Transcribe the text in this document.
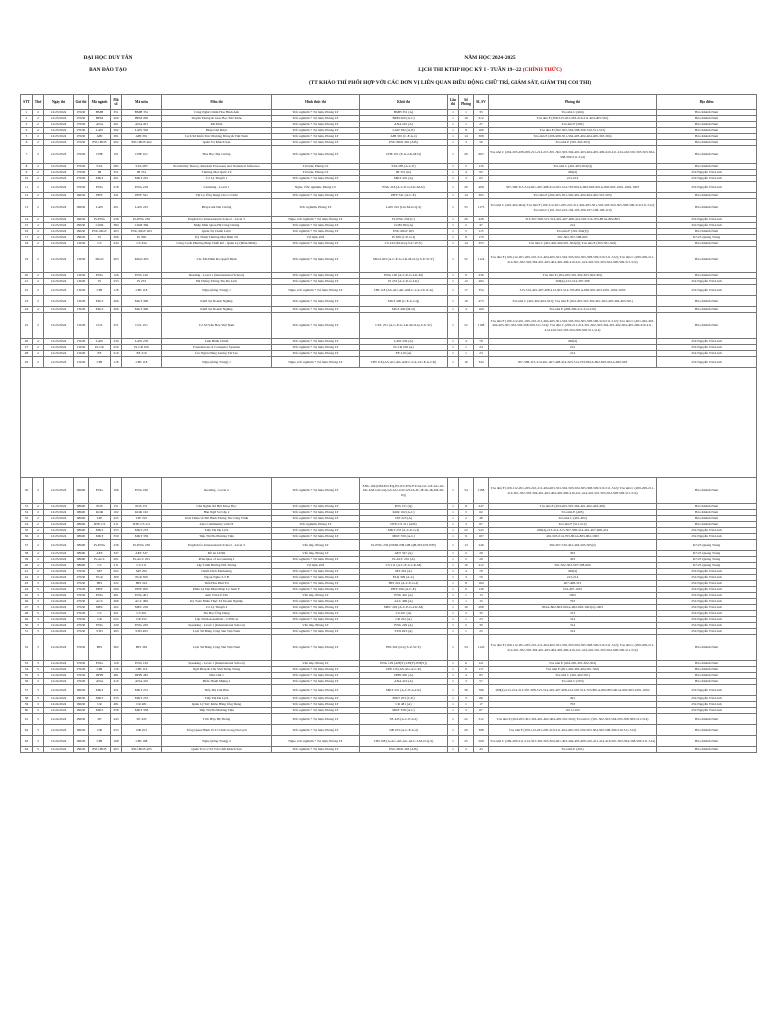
ĐẠI HỌC DUY TÂN
BAN ĐÀO TẠO
NĂM HỌC 2024-2025
LỊCH THI KTHP HỌC KỲ I - TUẦN 19--22 (CHÍNH THỨC)
(TT KHẢO THÍ PHỐI HỢP VỚI CÁC ĐƠN VỊ LIÊN QUAN ĐIỀU ĐỘNG CHỮ TRÍ, GIÁM SÁT, GIÁM THỊ COI THI)
STT	Thứ	Ngày thi	Giờ thi	Mã ngành	Mã số	Mã môn	Môn thi	Hình thức thi	Khối thi	Lần thi	Số Phòng	SL SV	Phòng thi	Địa điểm
1	2	12/23/2024	07h30	BMH	351	BMH 351	Công Nghệ Chăm Hoa Hinh Anh	Trắc nghiệm + Tự luận, Phòng LT	BMH 351 (A)	1	1	35	Tòa nhà C (404)	Hòa Khánh Nam
2	2	12/23/2024	07h30	BPM	200	BPM 200	Truyền Thông & Giao Bọc Sức Khỏe	Trắc nghiệm + Tự luận, Phòng LT	BPM 200 (A-C)	1	10	212	Tòa nhà F (308-313-201-203-210-211-404-405-501)	Hòa Khánh Nam
3	2	12/23/2024	07h30	ANA	201	ANA 201	Mô Phôi	Trắc nghiệm + Tự luận, Phòng LT	ANA 201 (A)	1	1	27	Tòa nhà F (505)	Hòa Khánh Nam
4	2	12/23/2024	07h30	LAW	392	LAW 392	Pháp Chế Dược	Trắc nghiệm + Tự luận, Phòng LT	LAW 392 (A-E)	1	8	169	Tòa nhà E (502-505-504-508-509-510-511-512)	Hòa Khánh Nam
5	2	12/23/2024	07h30	AHI	391	AHI 391	Lịch Sử Kiến Trúc Phương Đông & Việt Nam	Trắc nghiệm + Tự luận, Phòng LT	AHI 391 (C-E-G-I)	1	14	308	Tòa nhà E (206-209-301-304-403-402-404-405-303-304)	Hòa Khánh Nam
6	2	12/23/2024	07h30	PSU-HOS	402	PSU-HOS 402	Quản Trị Khách Sạn	Trắc nghiệm + Tự luận, Phòng LT	PSU-HOS 402 (AIS)	1	3	59	Tòa nhà E (301-302-303)	Hòa Khánh Nam
7	2	12/23/2024	07h30	CHE	101	CHE 101	Hóa Học Đại Cương	Trắc nghiệm + Tự luận, Phòng LT	CHE 101 (E-G-I-K-M-O)	1	29	605	Tòa nhà C (204-205-208-209-211-214-215-301-302-303-304-401-403-404-405-409-410-411-414-416-501-503-503-504-508-509-511-514)	Hòa Khánh Nam
8	2	12/23/2024	07h30	STA	285	STA 285	Probability Theory, Random Processes and Statistical Inference	Tự luận, Phòng LT	STA 285 (A-C-E)	1	5	116	Tòa nhà C (401-403-304(3))	Hòa Khánh Nam
9	2	12/23/2024	07h30	IB	351	IB 351	Thương Mại Quốc Tế	Tự luận, Phòng LT	IB 351 (K)	1	4	95	206(4)	254 Nguyễn Văn Linh
10	2	12/23/2024	07h30	MKT	201	MKT 201	Cơ Lý Thuyết 1	Trắc nghiệm + Tự luận, Phòng LT	MKT 201 (A)	1	3	63	213-214	254 Nguyễn Văn Linh
11	2	12/23/2024	07h30	ENG	218	ENG 218	Listening - Level 1	Nghe, Trắc nghiệm, Phòng LT	ENG 218 (A-C-E-G-I-K-M-O)	1	20	408	307-308-315-314-401-407-408-414-503-514-703-801A-802-803-901A-902-903-1001-1002-1003	254 Nguyễn Văn Linh
12	2	12/23/2024	09h30	PHY	341	PHY 341	Vật Lý Ứng Dụng Cho Cơ Khí	Trắc nghiệm + Tự luận, Phòng LT	PHY 341 (A-C-E)	1	14	302	Tòa nhà E (204-205-301-302-401-402-404-405-501-503)	Hòa Khánh Nam
13	2	12/23/2024	09h30	LAW	201	LAW 201	Pháp Luật Đại Cương	Trắc nghiệm, Phòng LT	LAW 201 (I-K-M-O-Q-S)	1	55	1173	Tòa nhà C (401-402-404); Tòa nhà F (109-112-201-205-210-211-404-405-501-502-503-504-505-508-509-510-511-512); Tòa nhà C (101-102-103-104-105-106-107-108-109-110)	Hòa Khánh Nam
14	2	12/23/2024	09h30	IS-ENG	236	IS-ENG 236	English for International School - Level 3	Nghe, trắc nghiệm + Tự luận, Phòng LT	IS-ENG 236 (C)	1	20	428	313-307-308-315-314-401-407-408-414-503-514-703-801A-802-803	254 Nguyễn Văn Linh
15	2	12/23/2024	09h30	COM	384	COM 384	Nhập Môn Quan Hệ Công Chúng	Trắc nghiệm + Tự luận, Phòng LT	COM 384 (A)	1	2	47	214	254 Nguyễn Văn Linh
16	2	12/23/2024	09h30	PSU-MGT	403	PSU-MGT 403	Quản Trị Chiến Lược	Trắc nghiệm + Tự luận, Phòng LT	PSU-MGT 403	1	5	115	Tòa nhà F (301-304(3))	Hòa Khánh Nam
17	2	12/23/2024	09h30	IS	306	IS 306	Kỹ Thuật Thương Mại Điện Tử	Tự luận, PM	IS 306 (C-E-G-I)	1	8	170	501-502-507-508-603	K7/25 Quang Trung
18	2	12/23/2024	13h30	CS	434	CS 434	Công Cụ & Phương Pháp Thiết Kế - Quản Lý (Phần Mềm)	Trắc nghiệm + Tự luận, Phòng LT	CS 434 (M-O-Q-S-U-W-Y)	1	14	353	Tòa nhà C (401-402-404-501-504(2)); Tòa nhà E (305-501-504)	Hòa Khánh Nam
19	2	12/23/2024	13h30	MGO	403	MGO 403	Các Mô Hình Ra Quyết Định	Trắc nghiệm + Tự luận, Phòng LT	MGO 403 (A-C-E-G-I-K-M-O-Q-S-U-W-Y)	1	52	1124	Tòa nhà F (109-112-201-205-210-211-404-405-501-502-503-504-505-508-509-510-511-512); Tòa nhà C (209-209-211-214-301-302-303-304-401-403-404-405-409-410-411-414-416-501-503-504-508-509-511-514)	Hòa Khánh Nam
20	2	12/23/2024	13h30	ENG	126	ENG 126	Reading - Level 1 (International School)	Trắc nghiệm + Tự luận, Phòng LT	ENG 126 (A-C-E-G-I-K-M)	1	9	239	Tòa nhà E (204-205-301-302-303-304-305)	Hòa Khánh Nam
21	2	12/23/2024	13h30	IS	253	IS 253	Hệ Thống Thông Tin Du Lịch	Trắc nghiệm + Tự luận, Phòng LT	IS 253 (A-C-E-G-I-K)	1	12	294	208(4)-213-314-307-308	254 Nguyễn Văn Linh
22	2	12/23/2024	13h30	CHI	118	CHI 118	Nghe (tiếng Trung) 1	Nghe, trắc nghiệm + Tự luận, Phòng LT	CHI 118 (AS-AU-AK-AM-C-CA-CU-E-G)	1	17	354	313-314-401-407-408-414-503-514-703-801A-802-901-903-1001-1002-1003	254 Nguyễn Văn Linh
23	2	12/23/2024	13h30	MGT	406	MGT 406	Khởi Sự Doanh Nghiệp	Trắc nghiệm + Tự luận, Phòng LT	MGT 406 (C-E-G-I-Q)	1	19	473	Tòa nhà C (401-402-404-501); Tòa nhà E (204-205-301-302-401-402-403-404-405-501)	Hòa Khánh Nam
24	2	12/23/2024	13h30	MGT	406	MGT 406	Khởi Sự Doanh Nghiệp	Trắc nghiệm + Tự luận, Phòng LT	MGT 406 (M-O)	1	4	100	Tòa nhà E (208-209-211-214-216)	Hòa Khánh Nam
25	2	12/23/2024	15h30	CUL	251	CUL 251	Cơ Sở Văn Hóa Việt Nam	Trắc nghiệm + Tự luận, Phòng LT	CUL 251 (A-C-E-G-I-K-M-O-Q-S-U-W)	1	52	1108	Tòa nhà F (109-112-201-205-210-211-404-405-501-502-503-504-505-508-509-510-511-512); Tòa nhà C (401-402-403-404-405-501-503-504-508-509-511-514); Tòa nhà C (209-211-214-301-302-303-304-401-402-404-405-409-410-411-414-416-501-503-504-508-509-511-514)	Hòa Khánh Nam
26	2	12/23/2024	15h30	LAW	230	LAW 230	Luật Hành Chính	Trắc nghiệm + Tự luận, Phòng LT	LAW 230 (A)	1	4	79	206(4)	254 Nguyễn Văn Linh
27	2	12/23/2024	15h30	IS-CR	250	IS-CR 250	Foundations of Computer Systems	Trắc nghiệm + Tự luận, Phòng LT	IS-CR 250 (A)	1	1	24	212	254 Nguyễn Văn Linh
28	2	12/23/2024	15h30	EE	219	EE 219	Các Ngôn Năng Lượng Tái Tạo	Trắc nghiệm + Tự luận, Phòng LT	EE 219 (A)	1	1	23	214	254 Nguyễn Văn Linh
29	2	12/23/2024	15h30	CHI	118	CHI 118	Nghe (tiếng Trung) 1	Nghe, trắc nghiệm + Tự luận, Phòng LT	CHI 118 (AS-AU-AK-AM-C-CA-CU-E-G-I-K)	1	16	344	307-308-315-314-401-407-408-414-503-514-703-801A-802-803-901A-902-903	254 Nguyễn Văn Linh

30	2	12/23/2024	09h00	ENG	166	ENG 166	Reading - Level 2	Trắc nghiệm + Tự luận, Phòng LT	ENG 166 (DM-EO-EQ-ES-EU-EW-EY-IA-GC-GE-GG-GI-GK-GM-GO-GQ-GS-GU-GW-GY-IA-IC-IE-IG-IK-IM-IO-IQ)	1	54	1168	Tòa nhà F (109-112-201-205-210-211-404-405-501-502-503-504-505-508-509-510-511-512); Tòa nhà C (209-209-211-214-301-302-303-304-401-403-404-405-409-410-411-414-416-501-503-504-508-509-511-514)	Hòa Khánh Nam
31	2	12/23/2024	08h00	POS	151	POS 151	Chủ Nghĩa Xã Hội Khoa Học	Trắc nghiệm + Tự luận, Phòng LT	POS 151 (Q)	1	11	247	Tòa nhà E (204-205-301-304-401-402-404-405)	Hòa Khánh Nam
32	2	12/23/2024	08h00	KOR	102	KOR 102	Hàn Ngữ Sơ Cấp 2	Trắc nghiệm + Tự luận, Phòng LT	KOR 102 (A-C)	1	3	62	Tòa nhà E (403)	Hòa Khánh Nam
33	2	12/23/2024	08h00	CIE	225	CIE 225	Giới Thiệu về Mô Hình Thông Tin Công Trình	Trắc nghiệm + Tự luận, Phòng LT	CIE 225 (A)	1	2	48	Tòa nhà C (401-402)	Hòa Khánh Nam
34	2	12/23/2024	08h00	DTE-CS	211	DTE-CS 211	Asia Community with IT	Trắc nghiệm, Phòng LT	DTE-CS 211 (AIS)	1	3	67	Tòa nhà F (511-512)	Hòa Khánh Nam
35	2	12/23/2024	08h00	MKT	253	MKT 253	Tiếp Thị Du Lịch	Trắc nghiệm + Tự luận, Phòng LT	MKT 253 (A-C-E-G-I)	1	22	543	208(4)-213-214-313-307-308-314-401-407-408-414	254 Nguyễn Văn Linh
36	2	12/23/2024	08h00	MKT	359	MKT 359	Tiếp Thị Đa Phương Tiện	Trắc nghiệm + Tự luận, Phòng LT	MKT 359 (A-C)	1	9	167	401-503-514-703-801A-803-902-1003	254 Nguyễn Văn Linh
37	2	12/23/2024	08h00	IS-ENG	236	IS-ENG 236	English for International School - Level 3	Vấn đáp, Phòng LT	IS-ENG 236 (NMD-NH-OH-QH-SH-UH-WH)	1	13	249	304-307-310-401-404-503-505(2)	K7/25 Quang Trung
38	2	12/23/2024	08h00	AET	347	AET 347	Đồ án CDIO	Vấn đáp, Phòng LT	AET 347 (A)	1	2	29	303	K7/25 Quang Trung
39	2	12/23/2024	08h00	IS-ACC	201	IS-ACC 201	Principles of Accounting I	Trắc nghiệm + Tự luận, Phòng LT	IS-ACC 201 (A)	1	2	29	303	K7/25 Quang Trung
40	2	12/23/2024	08h00	CS	211	CS 211	Lập Trình Hướng Đối Tượng	Tự luận, PM	CS 211 (A-C-E-G-I-K-M)	1	10	212	501-502-503-507-508-609	K7/25 Quang Trung
41	2	12/24/2024	07h30	MT	202	MT 202	Chiến Dịch Marketing	Trắc nghiệm + Tự luận, Phòng LT	MT 202 (A)	1	4	79	206(4)	254 Nguyễn Văn Linh
42	2	12/24/2024	07h30	ELR	309	ELR 309	Ngoại Nghe 2.3 B	Trắc nghiệm + Tự luận, Phòng LT	ELR 309 (A-C)	1	3	70	213-214	254 Nguyễn Văn Linh
43	3	12/24/2024	07h30	HIS	222	HIS 222	Tiến Hóa Phát Trí	Trắc nghiệm + Tự luận, Phòng LT	HIS 222 (A-C-E-G-I)	1	8	164	407-408-313	254 Nguyễn Văn Linh
44	3	12/24/2024	07h30	PHY	209	PHY 209	Phân Lý Đại Điện Pháp Lý Sinh Y	Trắc nghiệm + Tự luận, Phòng LT	PHY 209 (A-C-E)	1	6	130	314-407-1001	254 Nguyễn Văn Linh
45	3	12/24/2024	07h30	ENG	401	ENG 401	Anh Văn Lễ Tân	Vấn đáp, Phòng LT	ENG 401 (A)	1	1	13	1002	254 Nguyễn Văn Linh
46	3	12/24/2024	07h30	ACC	499	ACC 499	Kỹ Toán Nhân Thực Tế Doanh Nghiệp	Trắc nghiệm + Tự luận, Phòng LT	ACC 499 (A)	1	1	15	703	254 Nguyễn Văn Linh
47	3	12/24/2024	07h30	MEC	202	MEC 202	Cơ Lý Thuyết 2	Trắc nghiệm + Tự luận, Phòng LT	MEC 202 (A-C-E-G-I-K-M)	1	10	208	801A-802-803-901A-902-903-1001(2)-1003	254 Nguyễn Văn Linh
48	3	12/24/2024	07h30	CS	201	CS 201	Tin Học Ứng Dụng	Trắc nghiệm + Tự luận, Phòng LT	CS 201 (A)	1	2	35	313	254 Nguyễn Văn Linh
49	3	12/24/2024	07h30	CR	252	CR 252	Lập Trình Assembler / CISSCA	Trắc nghiệm + Tự luận, Phòng LT	CR 252 (A)	1	1	23	314	254 Nguyễn Văn Linh
50	3	12/24/2024	07h30	ENG	229	ENG 229	Speaking - Level 1 (International School)	Vấn đáp, Phòng LT	ENG 229 (A)	1	2	30	314	254 Nguyễn Văn Linh
51	3	12/24/2024	07h30	STD	493	STD 493	Lịch Sử Đảng Cộng Sản Việt Nam	Trắc nghiệm + Tự luận, Phòng LT	STD 493 (A)	1	1	25	314	254 Nguyễn Văn Linh
52	3	12/24/2024	07h30	HIS	362	HIS 362	Lịch Sử Đảng Cộng Sản Việt Nam	Trắc nghiệm + Tự luận, Phòng LT	HIS 362 (O-Q-S-U-W-Y)	1	54	1143	Tòa nhà F (109-112-201-205-210-211-404-405-501-502-503-504-505-508-509-510-511-512); Tòa nhà C (209-209-211-214-301-302-303-304-401-403-404-405-409-410-411-414-416-501-503-504-508-509-511-514)	Hòa Khánh Nam
53	3	12/24/2024	07h30	ENG	129	ENG 129	Speaking - Level 1 (International School)	Vấn đáp, Phòng LT	ENG 129 (AH(Y)-CH(Y)-EH(Y))	1	6	121	Tòa nhà E (204-205-301-302-304)	Hòa Khánh Nam
54	3	12/24/2024	07h30	CHI	116	CHI 116	Ngữ Pháp & Câu Việt Tiếng Trung	Trắc nghiệm + Tự luận, Phòng LT	CHI 116 (AS-AU-A-C-E)	1	6	117	Tòa nhà E (401-402-403-404-501-502)	Hòa Khánh Nam
55	3	12/24/2024	07h30	DHN	481	DHN 481	Nhà Chú 1	Trắc nghiệm + Tự luận, Phòng LT	DHN 481 (A)	1	4	83	Tòa nhà C (401-402-501)	Hòa Khánh Nam
56	3	12/24/2024	07h30	ANA	410	ANA 410	Phẫu Thuật Miệng 2	Trắc nghiệm + Tự luận, Phòng LT	ANA 410 (A)	1	3	57	Tòa nhà C (503)	Hòa Khánh Nam
57	3	12/24/2024	09h30	MKT	251	MKT 251	Tiếp Thị Căn Bản	Trắc nghiệm + Tự luận, Phòng LT	MKT 251 (A-C-E-G-I-K)	1	36	766	208(4)-213-214-313-307-308-315-314-401-407-408-414-503-514-703-801A-802-803-901A-902-903-1001-1002	254 Nguyễn Văn Linh
58	3	12/24/2024	09h30	MKT	253	MKT 253	Tiếp Thị Du Lịch	Trắc nghiệm + Tự luận, Phòng LT	MKT 253 (C-E)	1	3	66	401	254 Nguyễn Văn Linh
59	3	12/24/2024	09h30	CR	481	CR 481	Quản Lý Sức Khỏe Bằng Ứng Dụng	Trắc nghiệm + Tự luận, Phòng LT	CR 481 (A)	1	1	17	703	254 Nguyễn Văn Linh
60	3	12/24/2024	09h30	MKT	358	MKT 358	Tiếp Thị Đa Phương Tiện	Trắc nghiệm + Tự luận, Phòng LT	MKT 358 (A-C)	1	3	67	1101-1102	254 Nguyễn Văn Linh
61	3	12/24/2024	09h30	SE	445	SE 445	Tích Hợp Hệ Thống	Trắc nghiệm + Tự luận, Phòng LT	SE 445 (A-C-E-G-I)	1	22	512	Tòa nhà E (204-205-301-302-401-402-404-405-501-504); Tòa nhà C (501-502-503-504-505-508-509-511-514)	Hòa Khánh Nam
62	3	12/24/2024	09h30	OB	253	OB 253	Tổng Quan Hành Vi Tổ Chức trong Du Lịch	Trắc nghiệm + Tự luận, Phòng LT	OB 253 (A-C-E-G-I)	1	20	398	Tòa nhà F (109-112-201-205-210-211-404-405-501-502-503-504-505-508-509-510-511-512)	Hòa Khánh Nam
63	3	12/24/2024	09h30	CHI	168	CHI 168	Nghe (tiếng Trung) 2	Nghe, trắc nghiệm + Tự luận, Phòng LT	CHI 168 (A-AC-AE-AG-AI-C-I-M-O-Q-S)	1	25	509	Tòa nhà C (209-209-211-214-301-302-303-304-401-403-404-405-409-410-411-414-416-501-503-504-508-509-511-514)	Hòa Khánh Nam
64	3	12/24/2024	09h30	PSU-HOS	403	PSU-HOS 403	Quản Trị Cơ Sở Vật Chất Khách Sạn	Trắc nghiệm + Tự luận, Phòng LT	PSU-HOS 403 (AIS)	1	2	43	Tòa nhà E (201)	Hòa Khánh Nam
